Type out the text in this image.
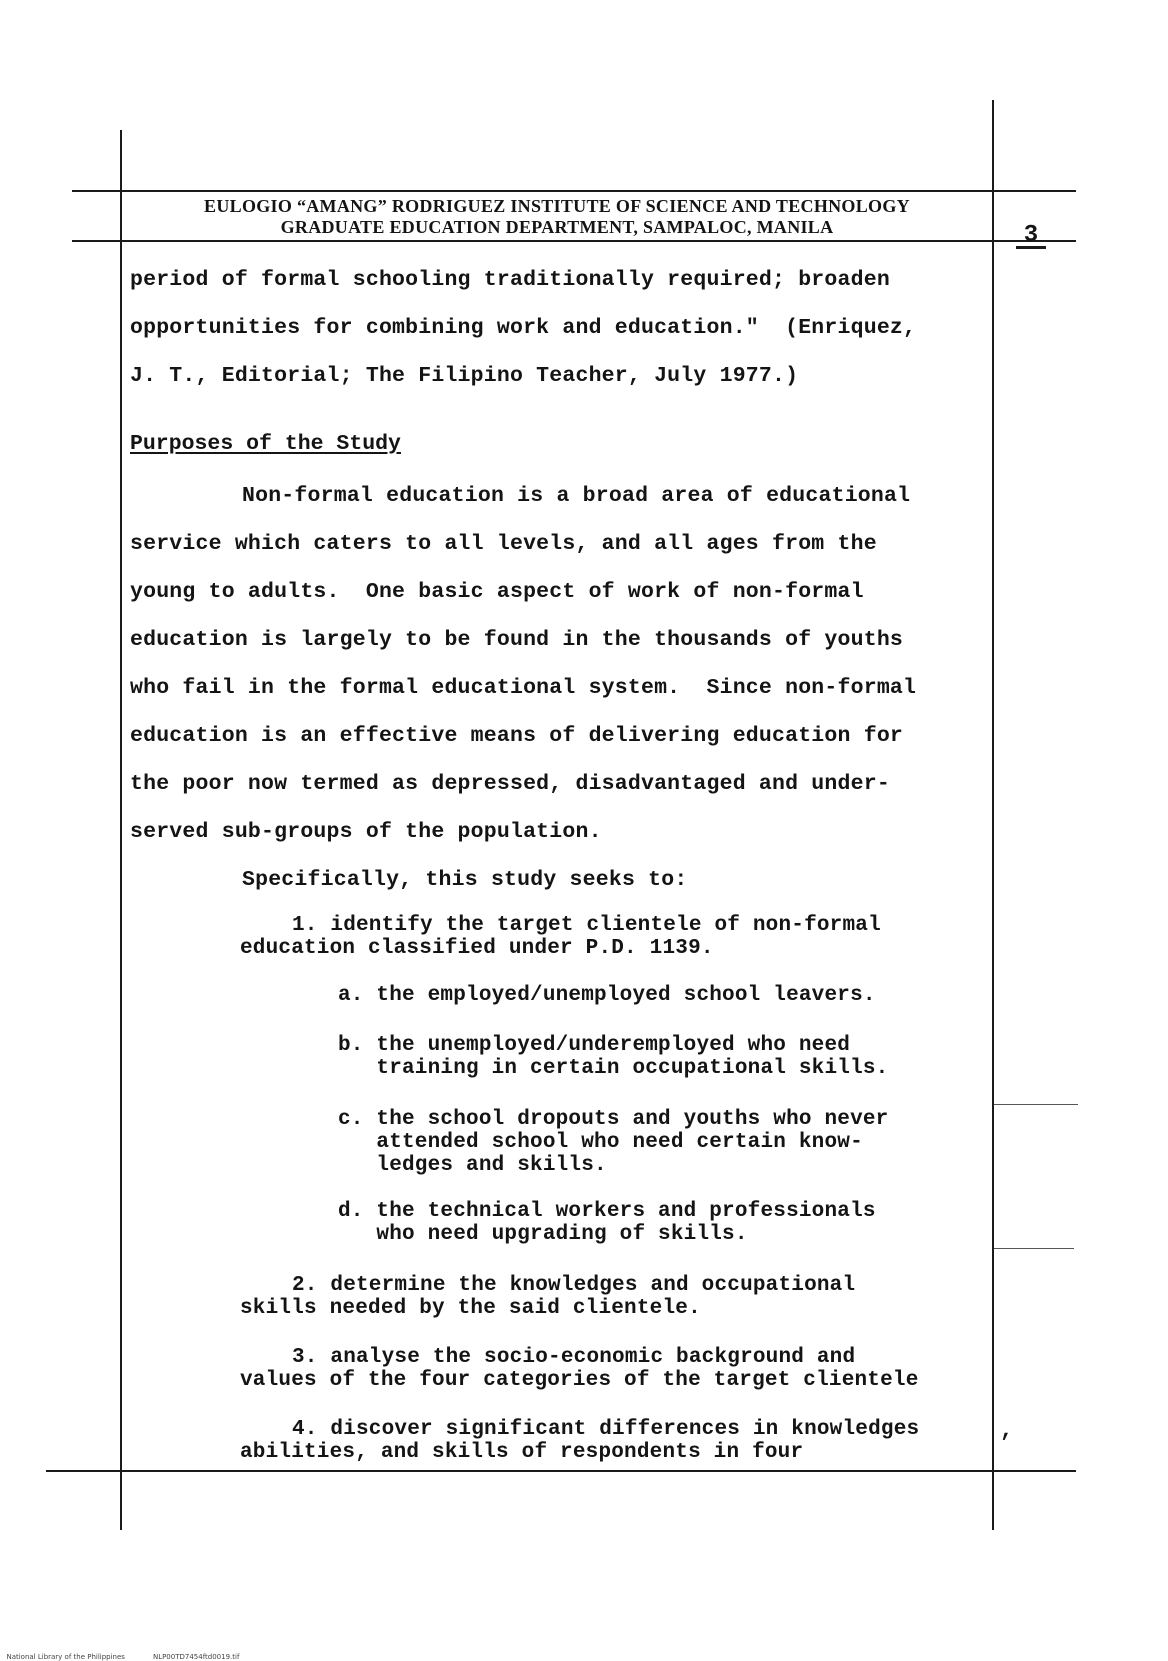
EULOGIO “AMANG” RODRIGUEZ INSTITUTE OF SCIENCE AND TECHNOLOGY
GRADUATE EDUCATION DEPARTMENT, SAMPALOC, MANILA	3
period of formal schooling traditionally required; broaden
opportunities for combining work and education."  (Enriquez,
J. T., Editorial; The Filipino Teacher, July 1977.)
Purposes of the Study
Non-formal education is a broad area of educational
service which caters to all levels, and all ages from the
young to adults.  One basic aspect of work of non-formal
education is largely to be found in the thousands of youths
who fail in the formal educational system.  Since non-formal
education is an effective means of delivering education for
the poor now termed as depressed, disadvantaged and under-
served sub-groups of the population.
Specifically, this study seeks to:
1. identify the target clientele of non-formal
education classified under P.D. 1139.
a. the employed/unemployed school leavers.
b. the unemployed/underemployed who need
training in certain occupational skills.
c. the school dropouts and youths who never
attended school who need certain know-
ledges and skills.
d. the technical workers and professionals
who need upgrading of skills.
2. determine the knowledges and occupational
skills needed by the said clientele.
3. analyse the socio-economic background and
values of the four categories of the target clientele
4. discover significant differences in knowledges
abilities, and skills of respondents in four
,

National Library of the Philippines	NLP00TD7454ftd0019.tif
